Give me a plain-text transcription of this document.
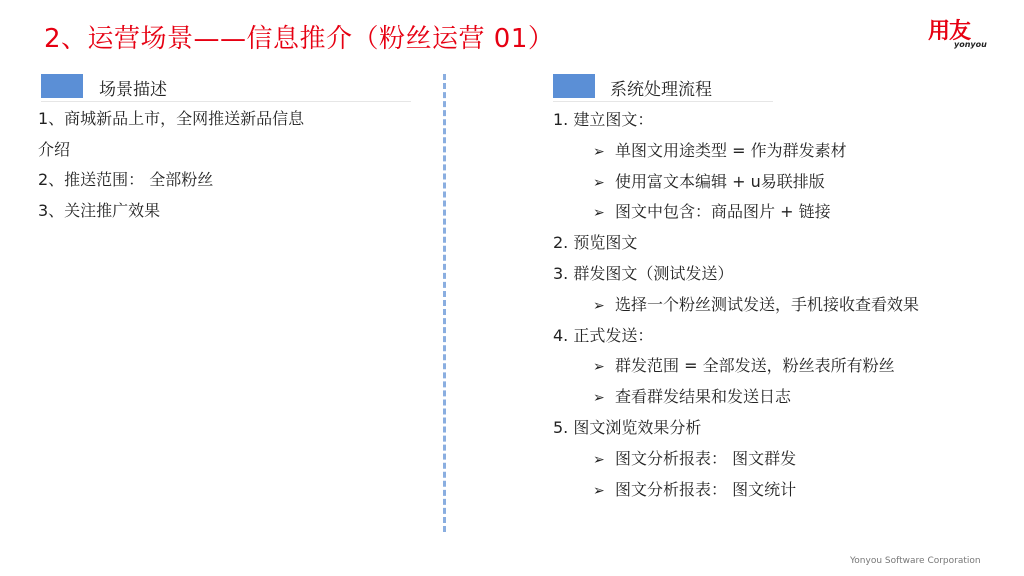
2、运营场景——信息推介（粉丝运营 01）	用友
yonyou
场景描述
1、商城新品上市，全网推送新品信息
介绍
2、推送范围： 全部粉丝
3、关注推广效果
系统处理流程
1. 建立图文：
➢ 单图文用途类型 = 作为群发素材
➢ 使用富文本编辑 + u易联排版
➢ 图文中包含：商品图片 + 链接
2. 预览图文
3. 群发图文（测试发送）
➢ 选择一个粉丝测试发送，手机接收查看效果
4. 正式发送：
➢ 群发范围 = 全部发送，粉丝表所有粉丝
➢ 查看群发结果和发送日志
5. 图文浏览效果分析
➢ 图文分析报表： 图文群发
➢ 图文分析报表： 图文统计
Yonyou Software Corporation
